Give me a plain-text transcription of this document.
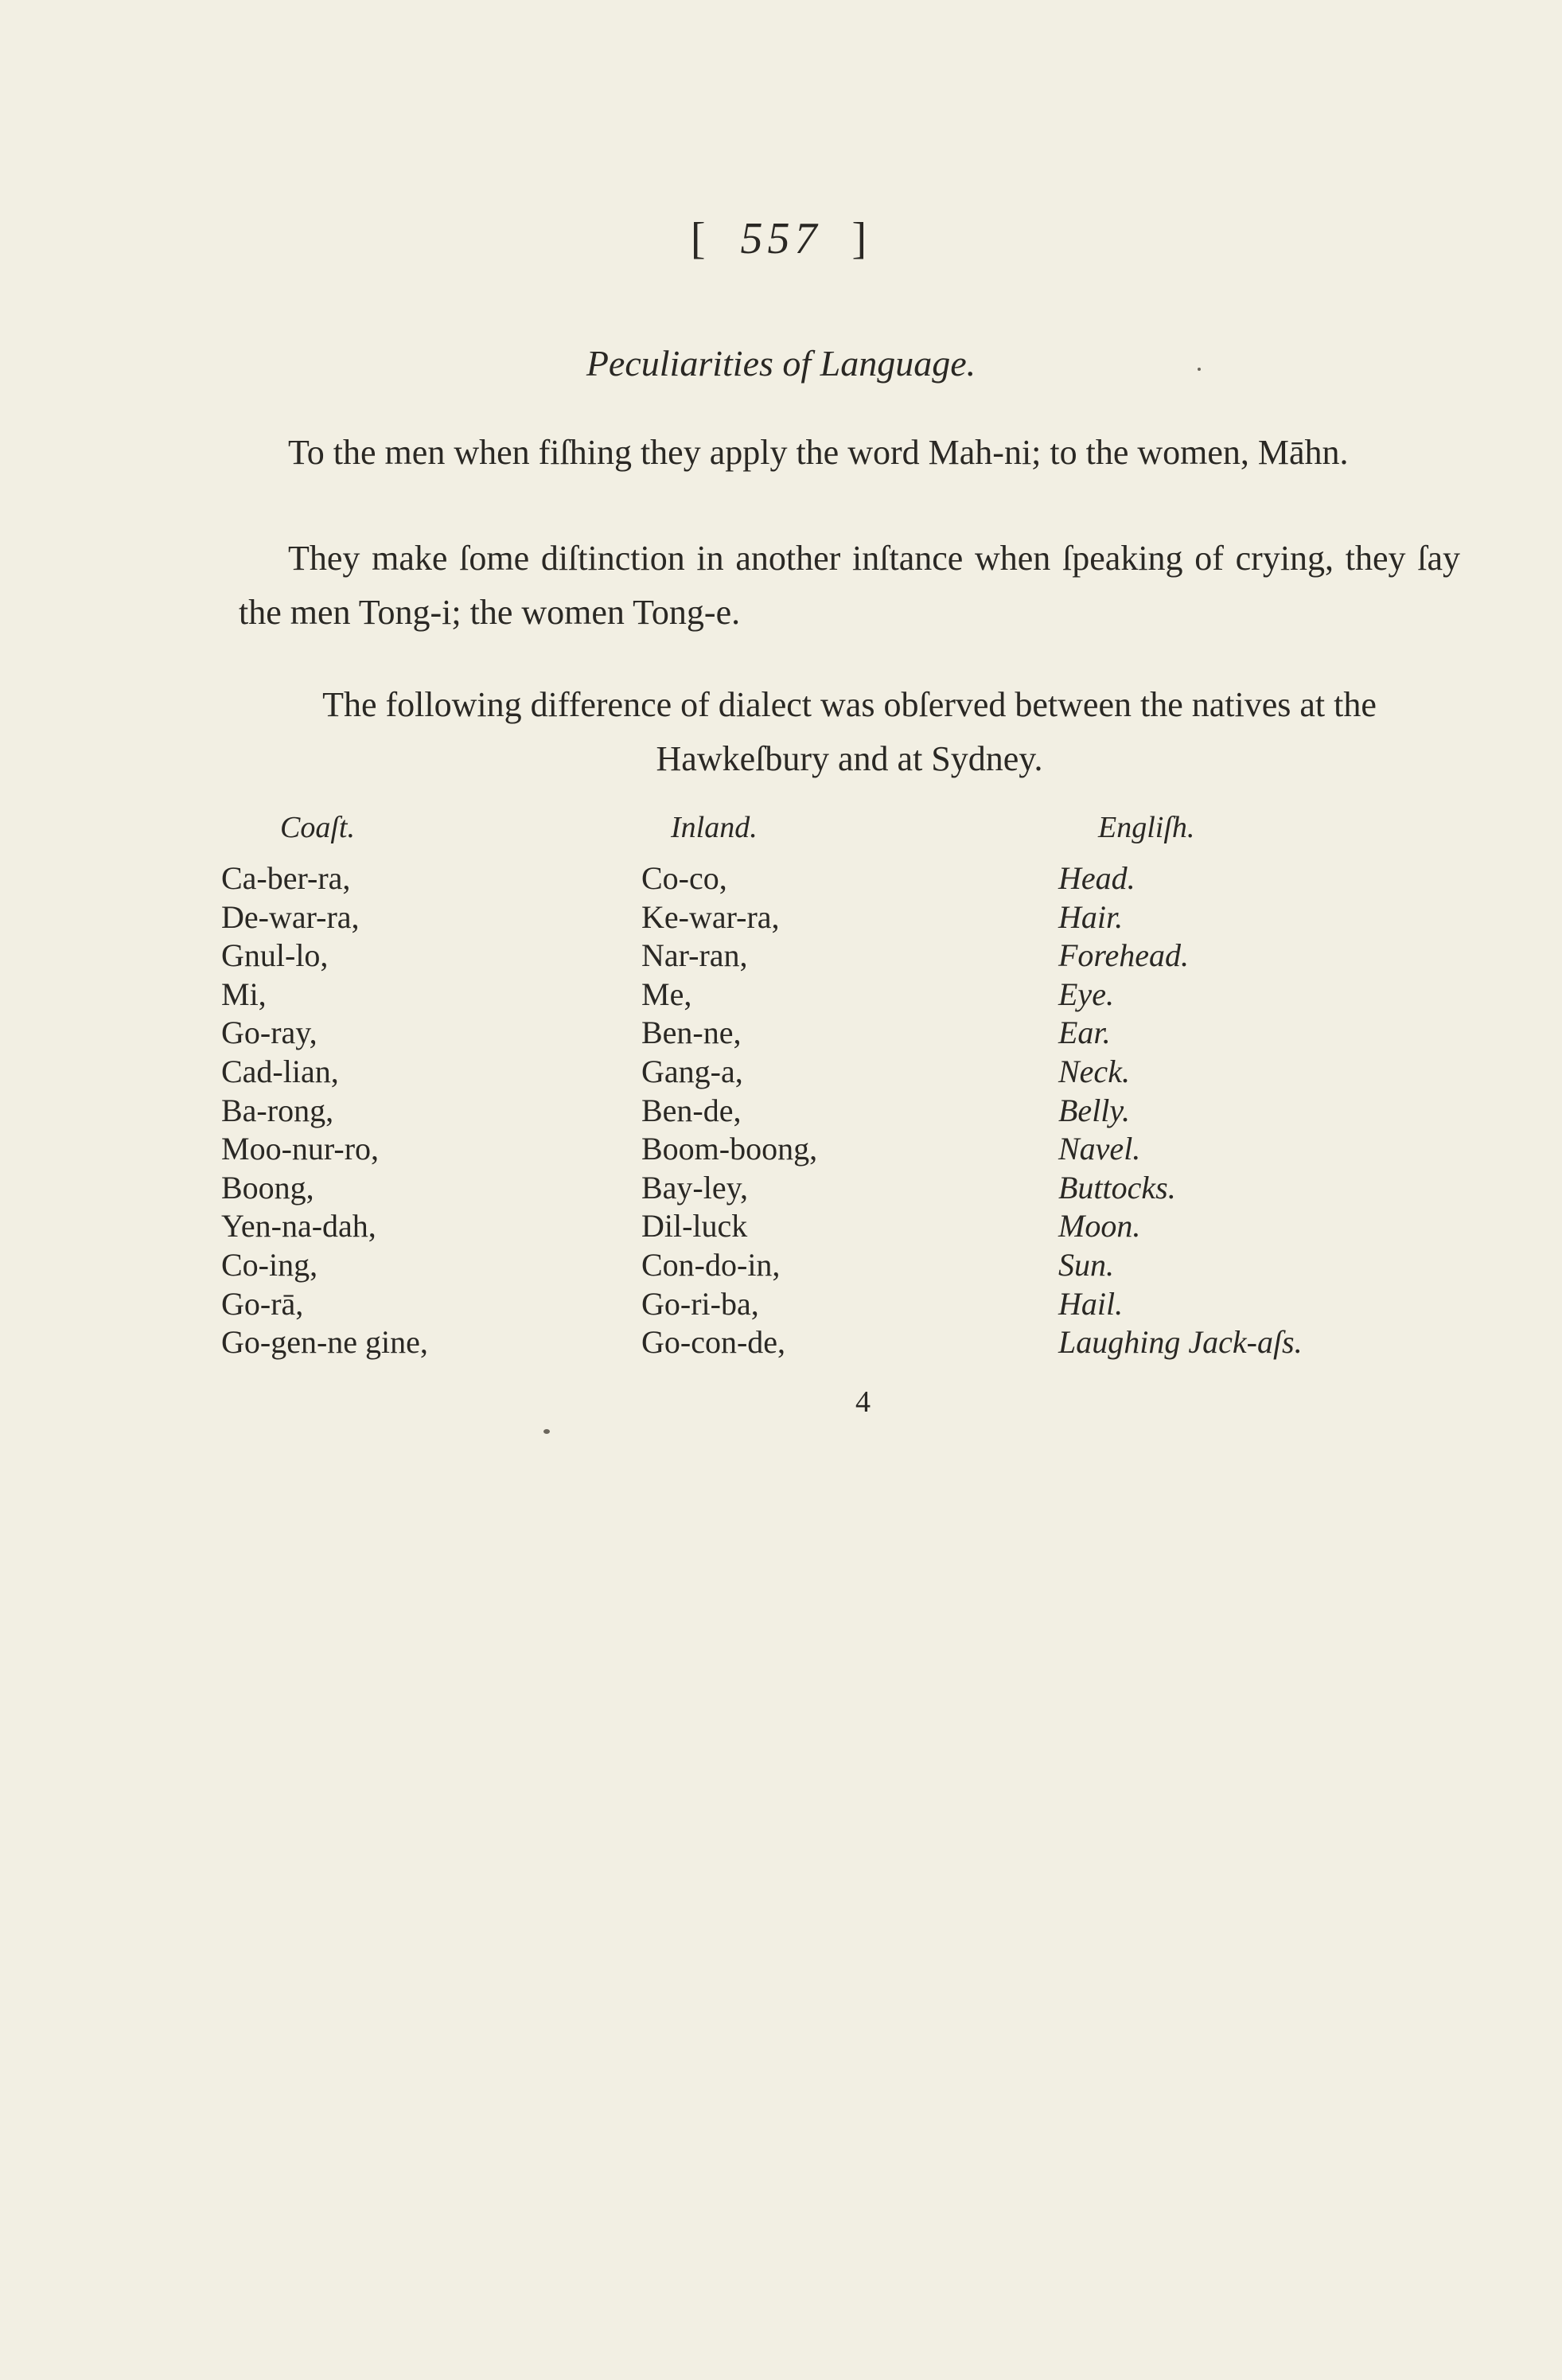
[ 557 ]
Peculiarities of Language.
To the men when fiſhing they apply the word Mah-ni; to the women, Māhn.
They make ſome diſtinction in another inſtance when ſpeaking of crying, they ſay the men Tong-i; the women Tong-e.
The following difference of dialect was obſerved between the natives at the Hawkeſbury and at Sydney.
Coaſt.	Inland.	Engliſh.
Ca-ber-ra,	Co-co,	Head.
De-war-ra,	Ke-war-ra,	Hair.
Gnul-lo,	Nar-ran,	Forehead.
Mi,	Me,	Eye.
Go-ray,	Ben-ne,	Ear.
Cad-lian,	Gang-a,	Neck.
Ba-rong,	Ben-de,	Belly.
Moo-nur-ro,	Boom-boong,	Navel.
Boong,	Bay-ley,	Buttocks.
Yen-na-dah,	Dil-luck	Moon.
Co-ing,	Con-do-in,	Sun.
Go-rā,	Go-ri-ba,	Hail.
Go-gen-ne gine,	Go-con-de,	Laughing Jack-aſs.
4
